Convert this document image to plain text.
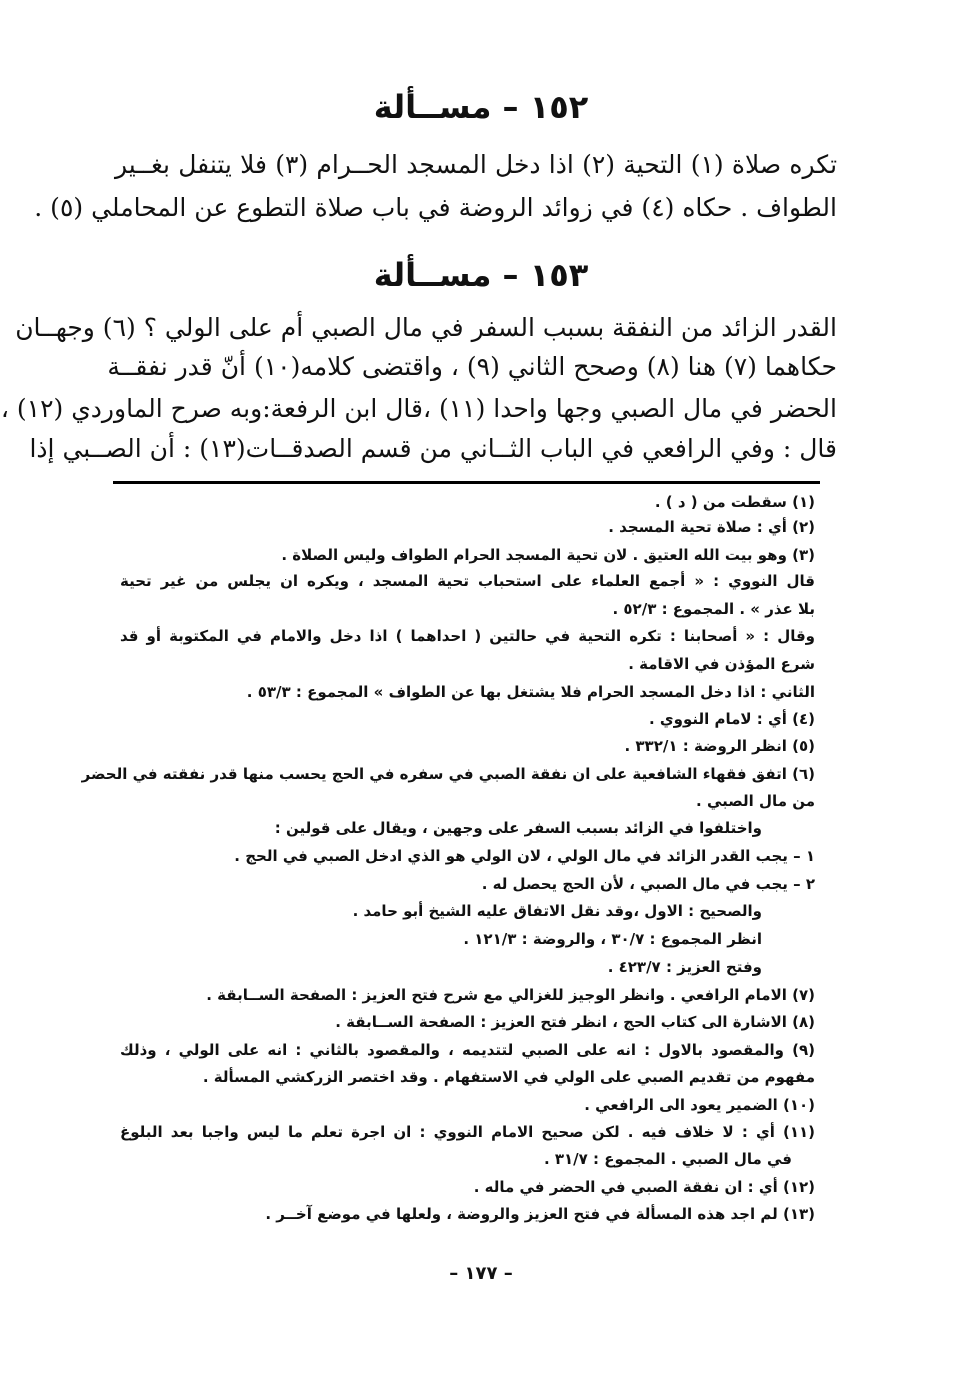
١٥٢ – مســألة
تكره صلاة (١) التحية (٢) اذا دخل المسجد الحــرام (٣) فلا يتنفل بغــير
الطواف . حكاه (٤) في زوائد الروضة في باب صلاة التطوع عن المحاملي (٥) .
١٥٣ – مســألة
القدر الزائد من النفقة بسبب السفر في مال الصبي أم على الولي ؟ (٦) وجهــان
حكاهما (٧) هنا (٨) وصحح الثاني (٩) ، واقتضى كلامه(١٠) أنّ قدر نفقــة
الحضر في مال الصبي وجها واحدا (١١) ،قال ابن الرفعة:وبه صرح الماوردي (١٢) ،
قال : وفي الرافعي في الباب الثــاني من قسم الصدقــات(١٣) : أن الصــبي إذا
(١) سقطت من ( د ) .
(٢) أي : صلاة تحية المسجد .
(٣) وهو بيت الله العتيق . لان تحية المسجد الحرام الطواف وليس الصلاة .
قال النووي : « أجمع العلماء على استحباب تحية المسجد ، ويكره ان يجلس من غير تحية
بلا عذر » . المجموع : ٥٢/٣ .
وقال : « أصحابنا : تكره التحية في حالتين ( احداهما ) اذا دخل والامام في المكتوبة أو قد
شرع المؤذن في الاقامة .
الثاني : اذا دخل المسجد الحرام فلا يشتغل بها عن الطواف » المجموع : ٥٣/٣ .
(٤) أي : لامام النووي .
(٥) انظر الروضة : ٣٣٢/١ .
(٦) اتفق فقهاء الشافعية على ان نفقة الصبي في سفره في الحج يحسب منها قدر نفقته في الحضر
من مال الصبي .
واختلفوا في الزائد بسبب السفر على وجهين ، ويقال على قولين :
١ – يجب القدر الزائد في مال الولي ، لان الولي هو الذي ادخل الصبي في الحج .
٢ – يجب في مال الصبي ، لأن الحج يحصل له .
والصحيح : الاول ،وقد نقل الاتفاق عليه الشيخ أبو حامد .
انظر المجموع : ٣٠/٧ ، والروضة : ١٢١/٣ .
وفتح العزيز : ٤٢٣/٧ .
(٧) الامام الرافعي . وانظر الوجيز للغزالي مع شرح فتح العزيز : الصفحة الســابقة .
(٨) الاشارة الى كتاب الحج ، انظر فتح العزيز : الصفحة الســابقة .
(٩) والمقصود بالاول : انه على الصبي لتتديمه ، والمقصود بالثاني : انه على الولي ، وذلك
مفهوم من تقديم الصبي على الولي في الاستفهام . وقد اختصر الزركشي المسألة .
(١٠) الضمير يعود الى الرافعي .
(١١) أي : لا خلاف فيه . لكن صحيح الامام النووي : ان اجرة تعلم ما ليس واجبا بعد البلوغ
في مال الصبي . المجموع : ٣١/٧ .
(١٢) أي : ان نفقة الصبي في الحضر في ماله .
(١٣) لم اجد هذه المسألة في فتح العزيز والروضة ، ولعلها في موضع آخــر .
– ١٧٧ –
